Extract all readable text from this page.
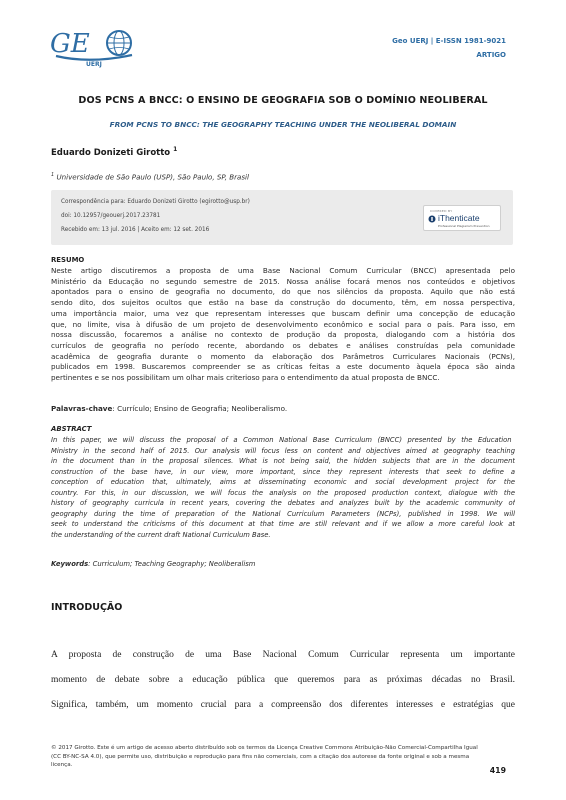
GE
UERJ
Geo UERJ | E-ISSN 1981-9021
ARTIGO
DOS PCNS A BNCC: O ENSINO DE GEOGRAFIA SOB O DOMÍNIO NEOLIBERAL
FROM PCNS TO BNCC: THE GEOGRAPHY TEACHING UNDER THE NEOLIBERAL DOMAIN
Eduardo Donizeti Girotto $^1$
$^1$ Universidade de São Paulo (USP), São Paulo, SP, Brasil
Correspondência para: Eduardo Donizeti Girotto (egirotto@usp.br)
doi: 10.12957/geouerj.2017.23781
Recebido em: 13 jul. 2016 | Aceito em: 12 set. 2016
COVERED BY
iThenticate
Professional Plagiarism Prevention
RESUMO
Neste artigo discutiremos a proposta de uma Base Nacional Comum Curricular (BNCC) apresentada pelo
Ministério da Educação no segundo semestre de 2015. Nossa análise focará menos nos conteúdos e objetivos
apontados para o ensino de geografia no documento, do que nos silêncios da proposta. Aquilo que não está
sendo dito, dos sujeitos ocultos que estão na base da construção do documento, têm, em nossa perspectiva,
uma importância maior, uma vez que representam interesses que buscam definir uma concepção de educação
que, no limite, visa à difusão de um projeto de desenvolvimento econômico e social para o país. Para isso, em
nossa discussão, focaremos a análise no contexto de produção da proposta, dialogando com a história dos
currículos de geografia no período recente, abordando os debates e análises construídas pela comunidade
acadêmica de geografia durante o momento da elaboração dos Parâmetros Curriculares Nacionais (PCNs),
publicados em 1998. Buscaremos compreender se as críticas feitas a este documento àquela época são ainda
pertinentes e se nos possibilitam um olhar mais criterioso para o entendimento da atual proposta de BNCC.
Palavras-chave: Currículo; Ensino de Geografia; Neoliberalismo.
ABSTRACT
In this paper, we will discuss the proposal of a Common National Base Curriculum (BNCC) presented by the Education
Ministry in the second half of 2015. Our analysis will focus less on content and objectives aimed at geography teaching
in the document than in the proposal silences. What is not being said, the hidden subjects that are in the document
construction of the base have, in our view, more important, since they represent interests that seek to define a
conception of education that, ultimately, aims at disseminating economic and social development project for the
country. For this, in our discussion, we will focus the analysis on the proposed production context, dialogue with the
history of geography curricula in recent years, covering the debates and analyzes built by the academic community of
geography during the time of preparation of the National Curriculum Parameters (NCPs), published in 1998. We will
seek to understand the criticisms of this document at that time are still relevant and if we allow a more careful look at
the understanding of the current draft National Curriculum Base.
Keywords: Curriculum; Teaching Geography; Neoliberalism
INTRODUÇÃO
A proposta de construção de uma Base Nacional Comum Curricular representa um importante
momento de debate sobre a educação pública que queremos para as próximas décadas no Brasil.
Significa, também, um momento crucial para a compreensão dos diferentes interesses e estratégias que
© 2017 Girotto. Este é um artigo de acesso aberto distribuído sob os termos da Licença Creative Commons Atribuição-Não Comercial-Compartilha Igual (CC BY-NC-SA 4.0), que permite uso, distribuição e reprodução para fins não comerciais, com a citação dos autorese da fonte original e sob a mesma licença.
419
